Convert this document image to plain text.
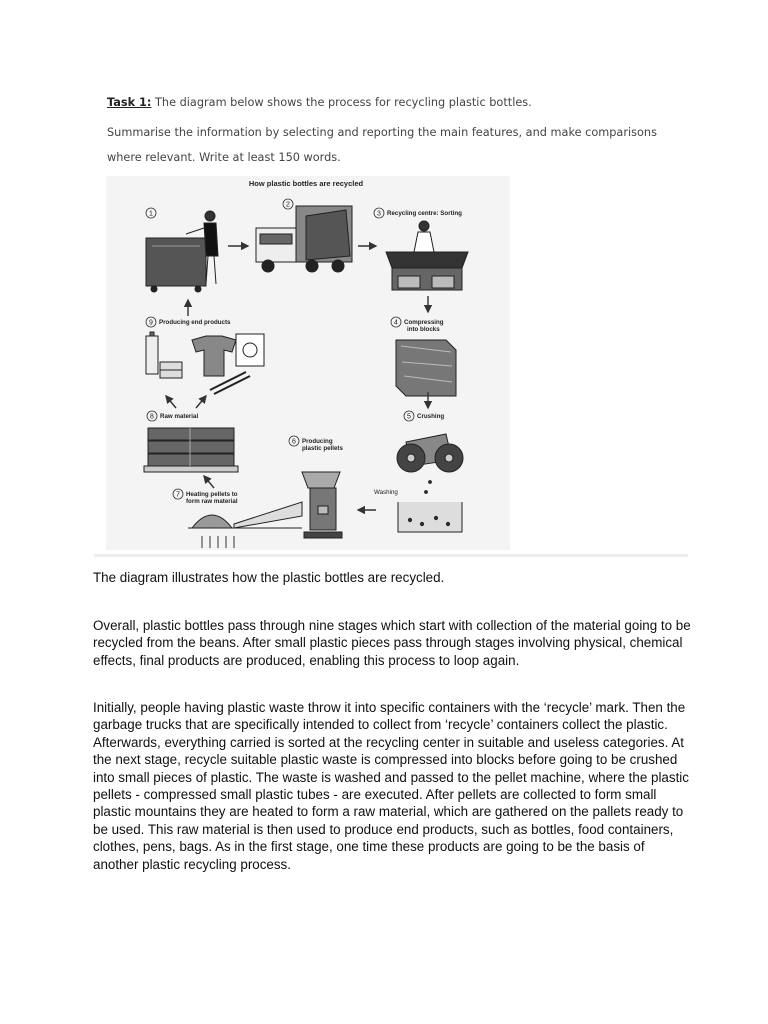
Task 1: The diagram below shows the process for recycling plastic bottles.
Summarise the information by selecting and reporting the main features, and make comparisons
where relevant. Write at least 150 words.
How plastic bottles are recycled
1
2
3
4
5
6
7
8
9
Recycling centre: Sorting
Compressing
into blocks
Crushing
Producing
plastic pellets
Heating pellets to
form raw material
Raw material
Producing end products
Washing

The diagram illustrates how the plastic bottles are recycled.

Overall, plastic bottles pass through nine stages which start with collection of the material going to be recycled from the beans. After small plastic pieces pass through stages involving physical, chemical effects, final products are produced, enabling this process to loop again.

Initially, people having plastic waste throw it into specific containers with the ‘recycle’ mark. Then the garbage trucks that are specifically intended to collect from ‘recycle’ containers collect the plastic. Afterwards, everything carried is sorted at the recycling center in suitable and useless categories. At the next stage, recycle suitable plastic waste is compressed into blocks before going to be crushed into small pieces of plastic. The waste is washed and passed to the pellet machine, where the plastic pellets - compressed small plastic tubes - are executed. After pellets are collected to form small plastic mountains they are heated to form a raw material, which are gathered on the pallets ready to be used. This raw material is then used to produce end products, such as bottles, food containers, clothes, pens, bags. As in the first stage, one time these products are going to be the basis of another plastic recycling process.
